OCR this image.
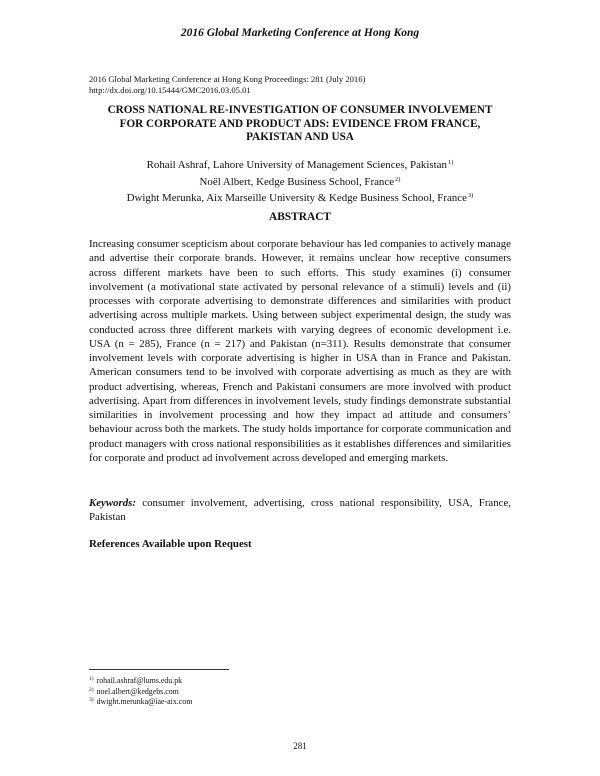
2016 Global Marketing Conference at Hong Kong
2016 Global Marketing Conference at Hong Kong Proceedings: 281 (July 2016)
http://dx.doi.org/10.15444/GMC2016.03.05.01
CROSS NATIONAL RE-INVESTIGATION OF CONSUMER INVOLVEMENT
FOR CORPORATE AND PRODUCT ADS: EVIDENCE FROM FRANCE,
PAKISTAN AND USA
Rohail Ashraf, Lahore University of Management Sciences, Pakistan$^{1)}$
Noël Albert, Kedge Business School, France$^{2)}$
Dwight Merunka, Aix Marseille University & Kedge Business School, France$^{3)}$
ABSTRACT

Increasing consumer scepticism about corporate behaviour has led companies to actively manage and advertise their corporate brands. However, it remains unclear how receptive consumers across different markets have been to such efforts. This study examines (i) consumer involvement (a motivational state activated by personal relevance of a stimuli) levels and (ii) processes with corporate advertising to demonstrate differences and similarities with product advertising across multiple markets. Using between subject experimental design, the study was conducted across three different markets with varying degrees of economic development i.e. USA (n = 285), France (n = 217) and Pakistan (n=311). Results demonstrate that consumer involvement levels with corporate advertising is higher in USA than in France and Pakistan. American consumers tend to be involved with corporate advertising as much as they are with product advertising, whereas, French and Pakistani consumers are more involved with product advertising. Apart from differences in involvement levels, study findings demonstrate substantial similarities in involvement processing and how they impact ad attitude and consumers’ behaviour across both the markets. The study holds importance for corporate communication and product managers with cross national responsibilities as it establishes differences and similarities for corporate and product ad involvement across developed and emerging markets.

Keywords: consumer involvement, advertising, cross national responsibility, USA, France, Pakistan

References Available upon Request
$^{1)}$ rohail.ashraf@lums.edu.pk
$^{2)}$ noel.albert@kedgebs.com
$^{3)}$ dwight.merunka@iae-aix.com
281
